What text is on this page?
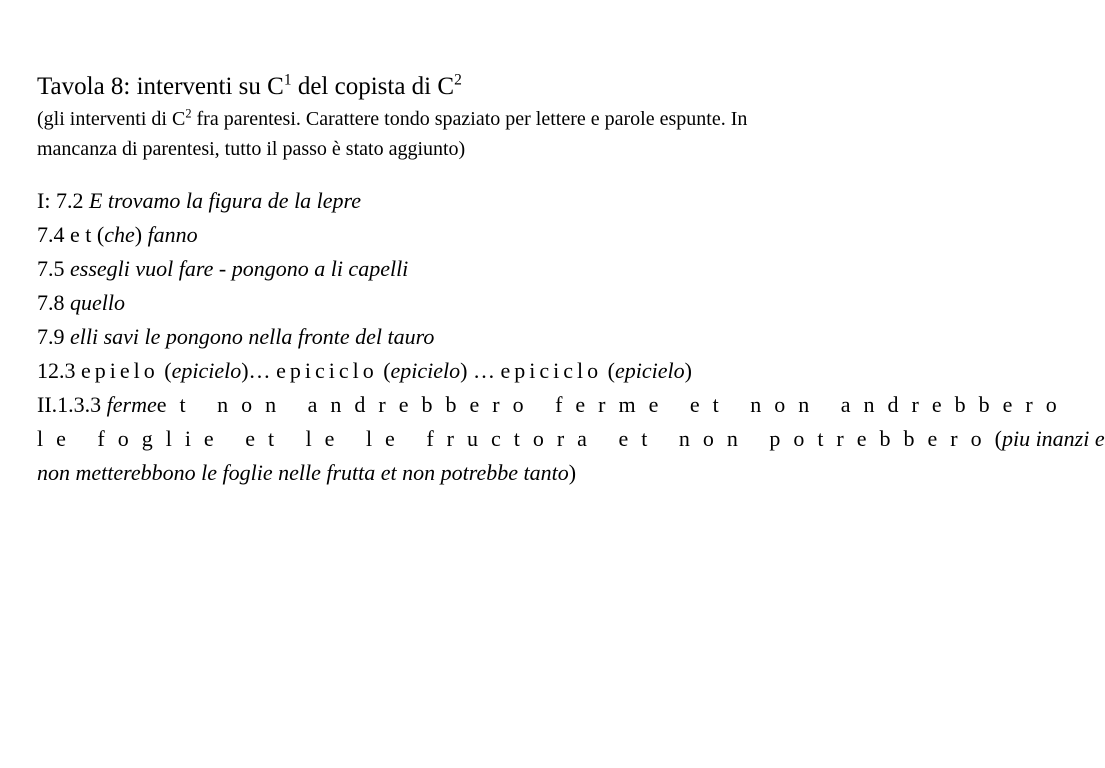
Tavola 8: interventi su $C^1$ del copista di $C^2$

(gli interventi di $C^2$ fra parentesi. Carattere tondo spaziato per lettere e parole espunte. In
mancanza di parentesi, tutto il passo è stato aggiunto)

I: 7.2 E trovamo la figura de la lepre
7.4 e t (che) fanno
7.5 essegli vuol fare - pongono a li capelli
7.8 quello
7.9 elli savi le pongono nella fronte del tauro
12.3 epielo (epicielo)… epiciclo (epicielo) … epiciclo (epicielo)
II.1.3.3 ferme et non andrebbero ferme et non andrebbero
le foglie et le le fructora et non potrebbero (piu inanzi e
non metterebbono le foglie nelle frutta et non potrebbe tanto)
